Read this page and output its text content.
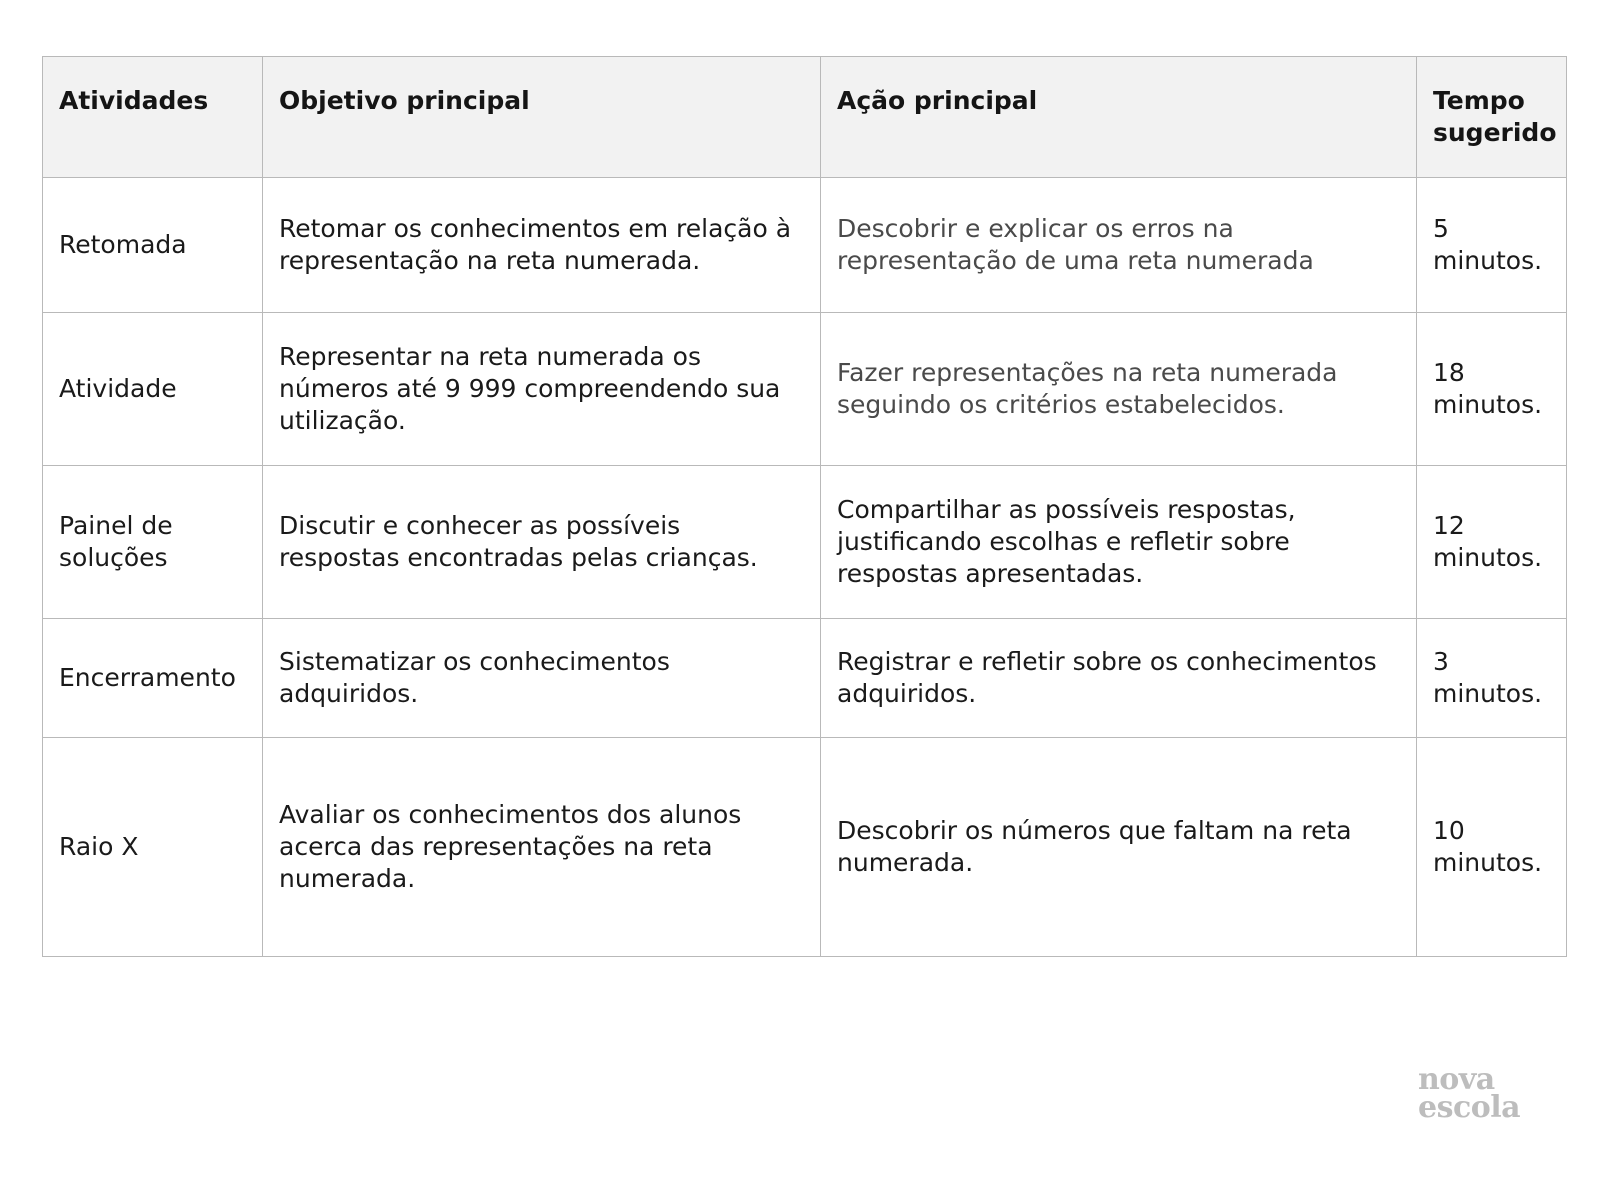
Atividades	Objetivo principal	Ação principal	Tempo sugerido
Retomada	Retomar os conhecimentos em relação à representação na reta numerada.	Descobrir e explicar os erros na representação de uma reta numerada	5 minutos.
Atividade	Representar na reta numerada os números até 9 999 compreendendo sua utilização.	Fazer representações na reta numerada seguindo os critérios estabelecidos.	18 minutos.
Painel de soluções	Discutir e conhecer as possíveis respostas encontradas pelas crianças.	Compartilhar as possíveis respostas, justificando escolhas e refletir sobre respostas apresentadas.	12 minutos.
Encerramento	Sistematizar os conhecimentos adquiridos.	Registrar e refletir sobre os conhecimentos adquiridos.	3 minutos.
Raio X	Avaliar os conhecimentos dos alunos acerca das representações na reta numerada.	Descobrir os números que faltam na reta numerada.	10 minutos.
nova
escola
